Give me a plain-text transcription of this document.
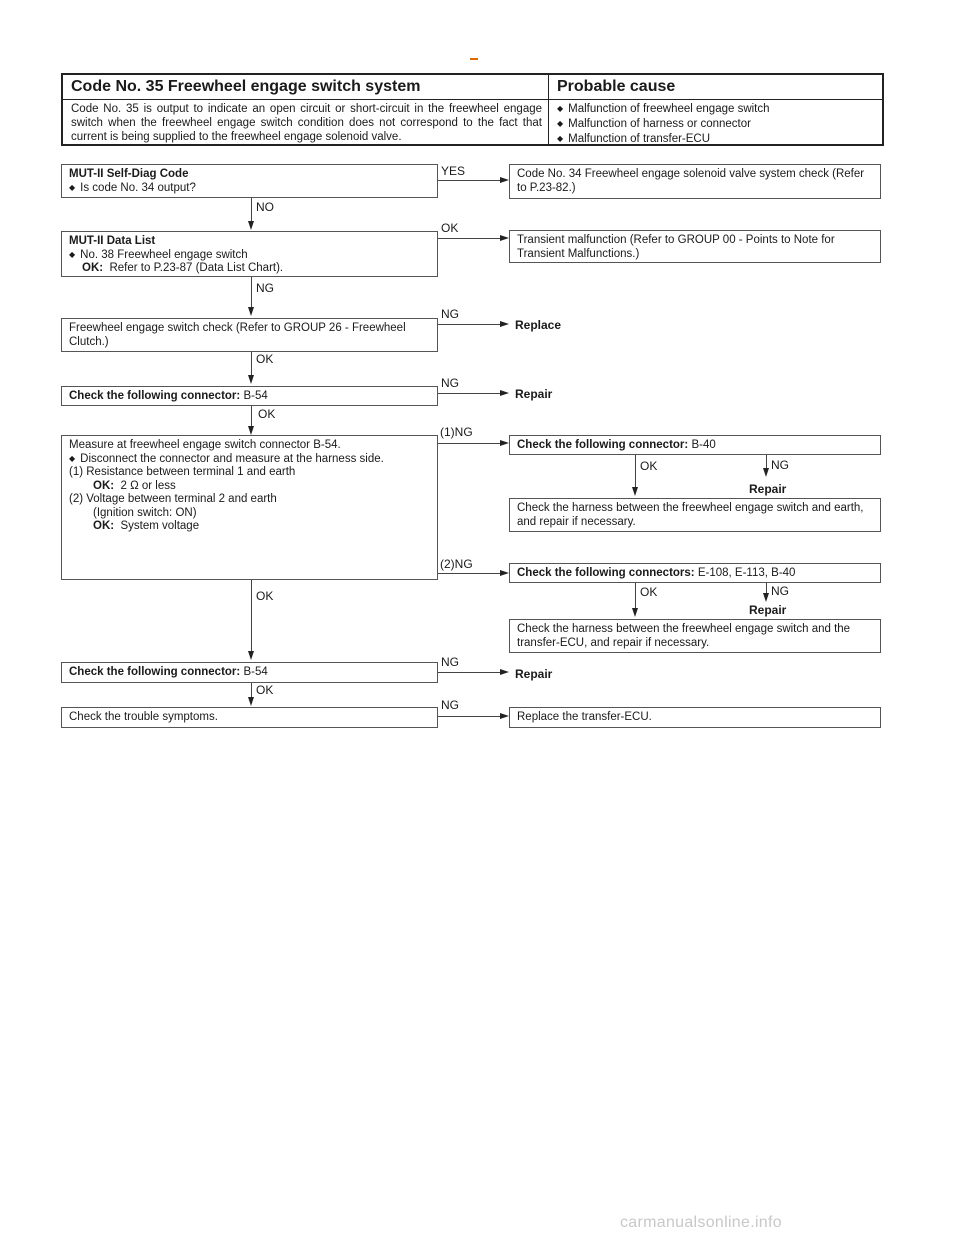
Code No. 35 Freewheel engage switch system	Probable cause
Code No. 35 is output to indicate an open circuit or short-circuit in the freewheel engage switch when the freewheel engage switch condition does not correspond to the fact that current is being supplied to the freewheel engage solenoid valve.
◆ Malfunction of freewheel engage switch
◆ Malfunction of harness or connector
◆ Malfunction of transfer-ECU
MUT-II Self-Diag Code
◆ Is code No. 34 output?
YES	Code No. 34 Freewheel engage solenoid valve system check (Refer to P.23-82.)
NO
MUT-II Data List
◆ No. 38 Freewheel engage switch
OK: Refer to P.23-87 (Data List Chart).
OK
Transient malfunction (Refer to GROUP 00 - Points to Note for Transient Malfunctions.)
NG
Freewheel engage switch check (Refer to GROUP 26 - Freewheel Clutch.)
NG
Replace
OK
Check the following connector: B-54
NG
Repair
OK
Measure at freewheel engage switch connector B-54.
◆ Disconnect the connector and measure at the harness side.
(1) Resistance between terminal 1 and earth
OK: 2 Ω or less
(2) Voltage between terminal 2 and earth
(Ignition switch: ON)
OK: System voltage
(1)NG
Check the following connector: B-40
OK	NG
Repair
Check the harness between the freewheel engage switch and earth, and repair if necessary.
(2)NG
Check the following connectors: E-108, E-113, B-40
OK	NG
Repair
Check the harness between the freewheel engage switch and the transfer-ECU, and repair if necessary.
OK
Check the following connector: B-54
NG
Repair
OK
Check the trouble symptoms.
NG
Replace the transfer-ECU.
carmanualsonline.info
